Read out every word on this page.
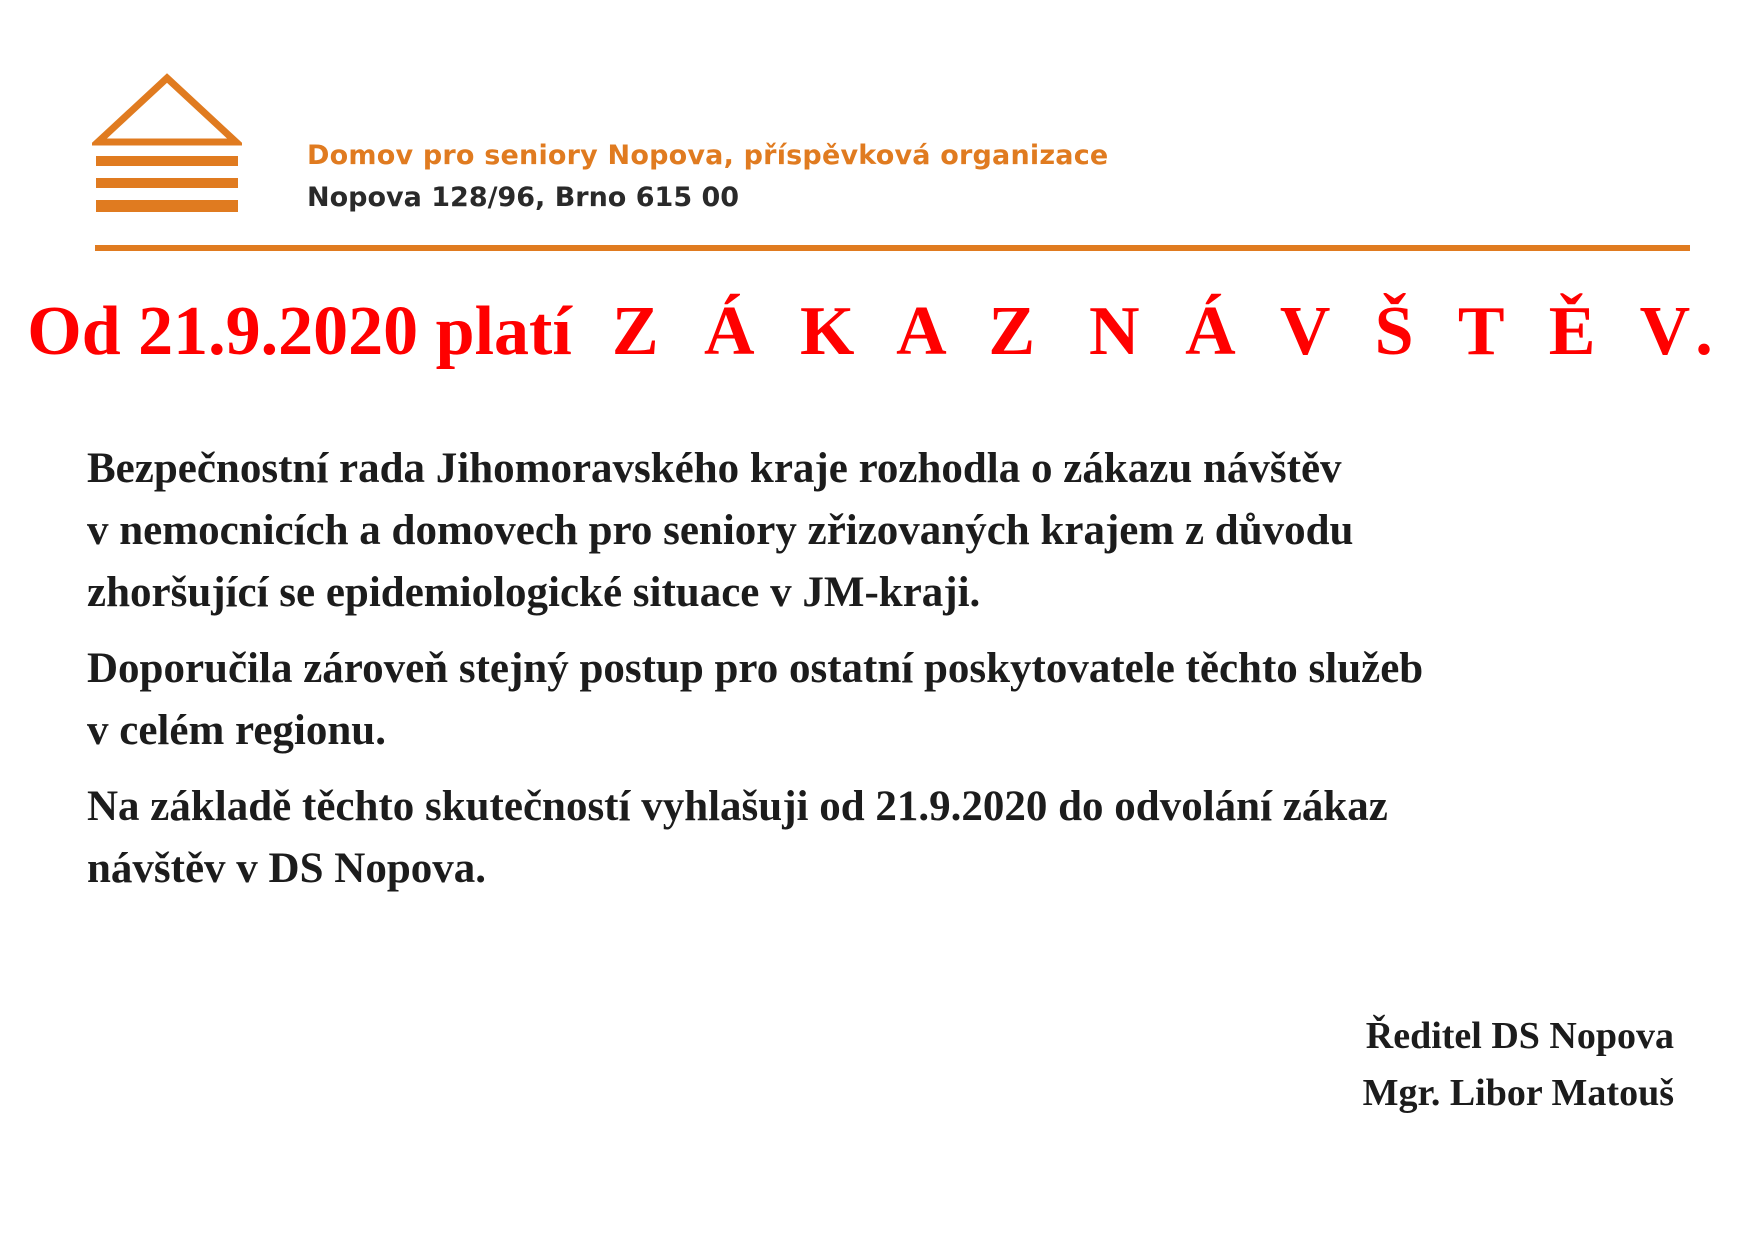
Domov pro seniory Nopova, příspěvková organizace
Nopova 128/96, Brno 615 00
Od 21.9.2020 platí Z Á K A Z N Á V Š T Ě V.

Bezpečnostní rada Jihomoravského kraje rozhodla o zákazu návštěv
v nemocnicích a domovech pro seniory zřizovaných krajem z důvodu
zhoršující se epidemiologické situace v JM-kraji.

Doporučila zároveň stejný postup pro ostatní poskytovatele těchto služeb
v celém regionu.

Na základě těchto skutečností vyhlašuji od 21.9.2020 do odvolání zákaz
návštěv v DS Nopova.

Ředitel DS Nopova
Mgr. Libor Matouš
